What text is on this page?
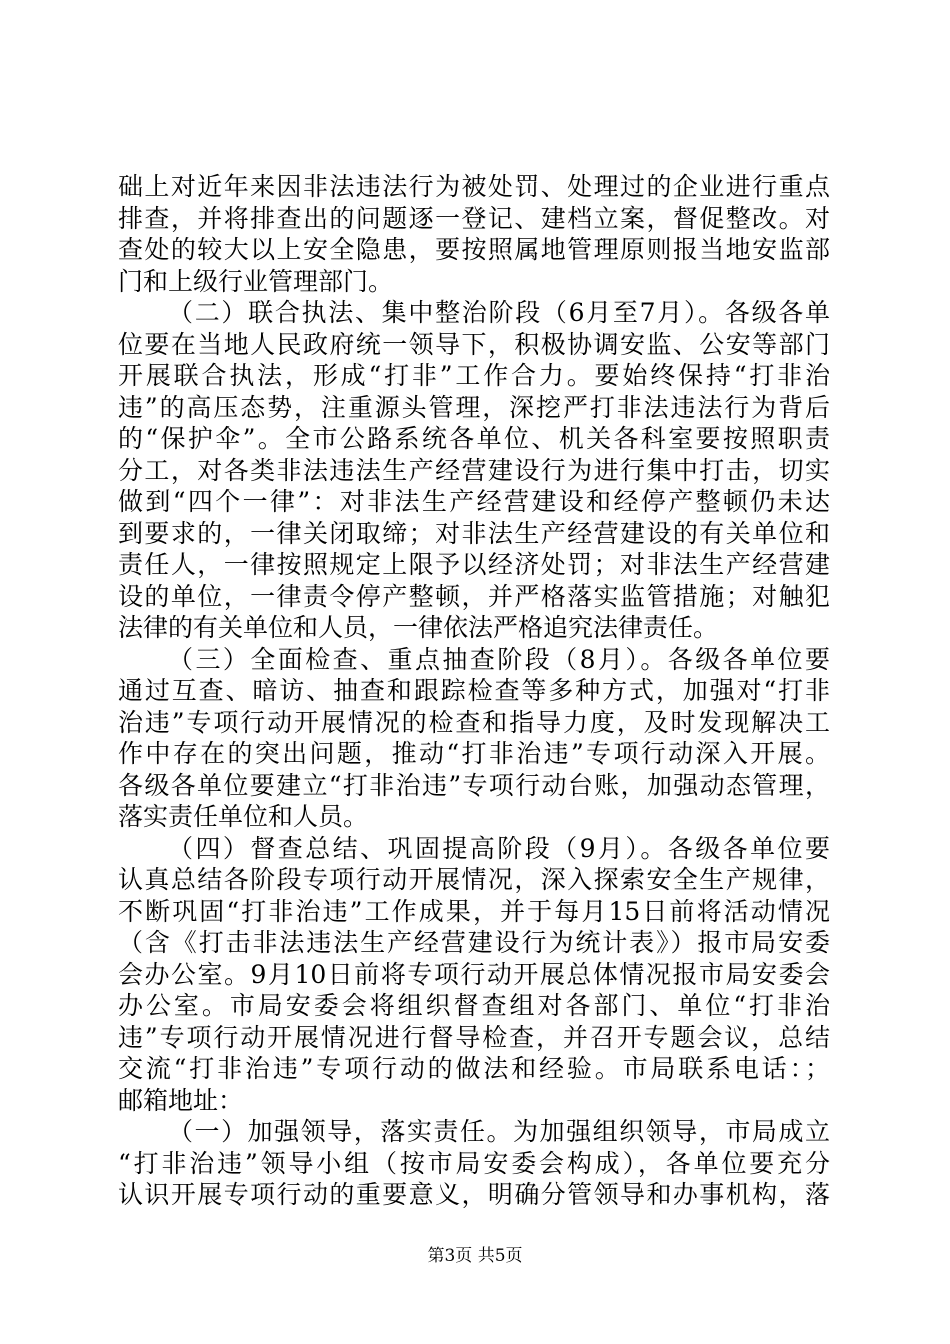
础上对近年来因非法违法行为被处罚、处理过的企业进行重点
排查，并将排查出的问题逐一登记、建档立案，督促整改。对
查处的较大以上安全隐患，要按照属地管理原则报当地安监部
门和上级行业管理部门。

（二）联合执法、集中整治阶段（6月至7月）。各级各单
位要在当地人民政府统一领导下，积极协调安监、公安等部门
开展联合执法，形成“打非”工作合力。要始终保持“打非治
违”的高压态势，注重源头管理，深挖严打非法违法行为背后
的“保护伞”。全市公路系统各单位、机关各科室要按照职责
分工，对各类非法违法生产经营建设行为进行集中打击，切实
做到“四个一律”：对非法生产经营建设和经停产整顿仍未达
到要求的，一律关闭取缔；对非法生产经营建设的有关单位和
责任人，一律按照规定上限予以经济处罚；对非法生产经营建
设的单位，一律责令停产整顿，并严格落实监管措施；对触犯
法律的有关单位和人员，一律依法严格追究法律责任。

（三）全面检查、重点抽查阶段（8月）。各级各单位要
通过互查、暗访、抽查和跟踪检查等多种方式，加强对“打非
治违”专项行动开展情况的检查和指导力度，及时发现解决工
作中存在的突出问题，推动“打非治违”专项行动深入开展。
各级各单位要建立“打非治违”专项行动台账，加强动态管理，
落实责任单位和人员。

（四）督查总结、巩固提高阶段（9月）。各级各单位要
认真总结各阶段专项行动开展情况，深入探索安全生产规律，
不断巩固“打非治违”工作成果，并于每月15日前将活动情况
（含《打击非法违法生产经营建设行为统计表》）报市局安委
会办公室。9月10日前将专项行动开展总体情况报市局安委会
办公室。市局安委会将组织督查组对各部门、单位“打非治
违”专项行动开展情况进行督导检查，并召开专题会议，总结
交流“打非治违”专项行动的做法和经验。市局联系电话：；
邮箱地址：

（一）加强领导，落实责任。为加强组织领导，市局成立
“打非治违”领导小组（按市局安委会构成），各单位要充分
认识开展专项行动的重要意义，明确分管领导和办事机构，落

第3页 共5页
